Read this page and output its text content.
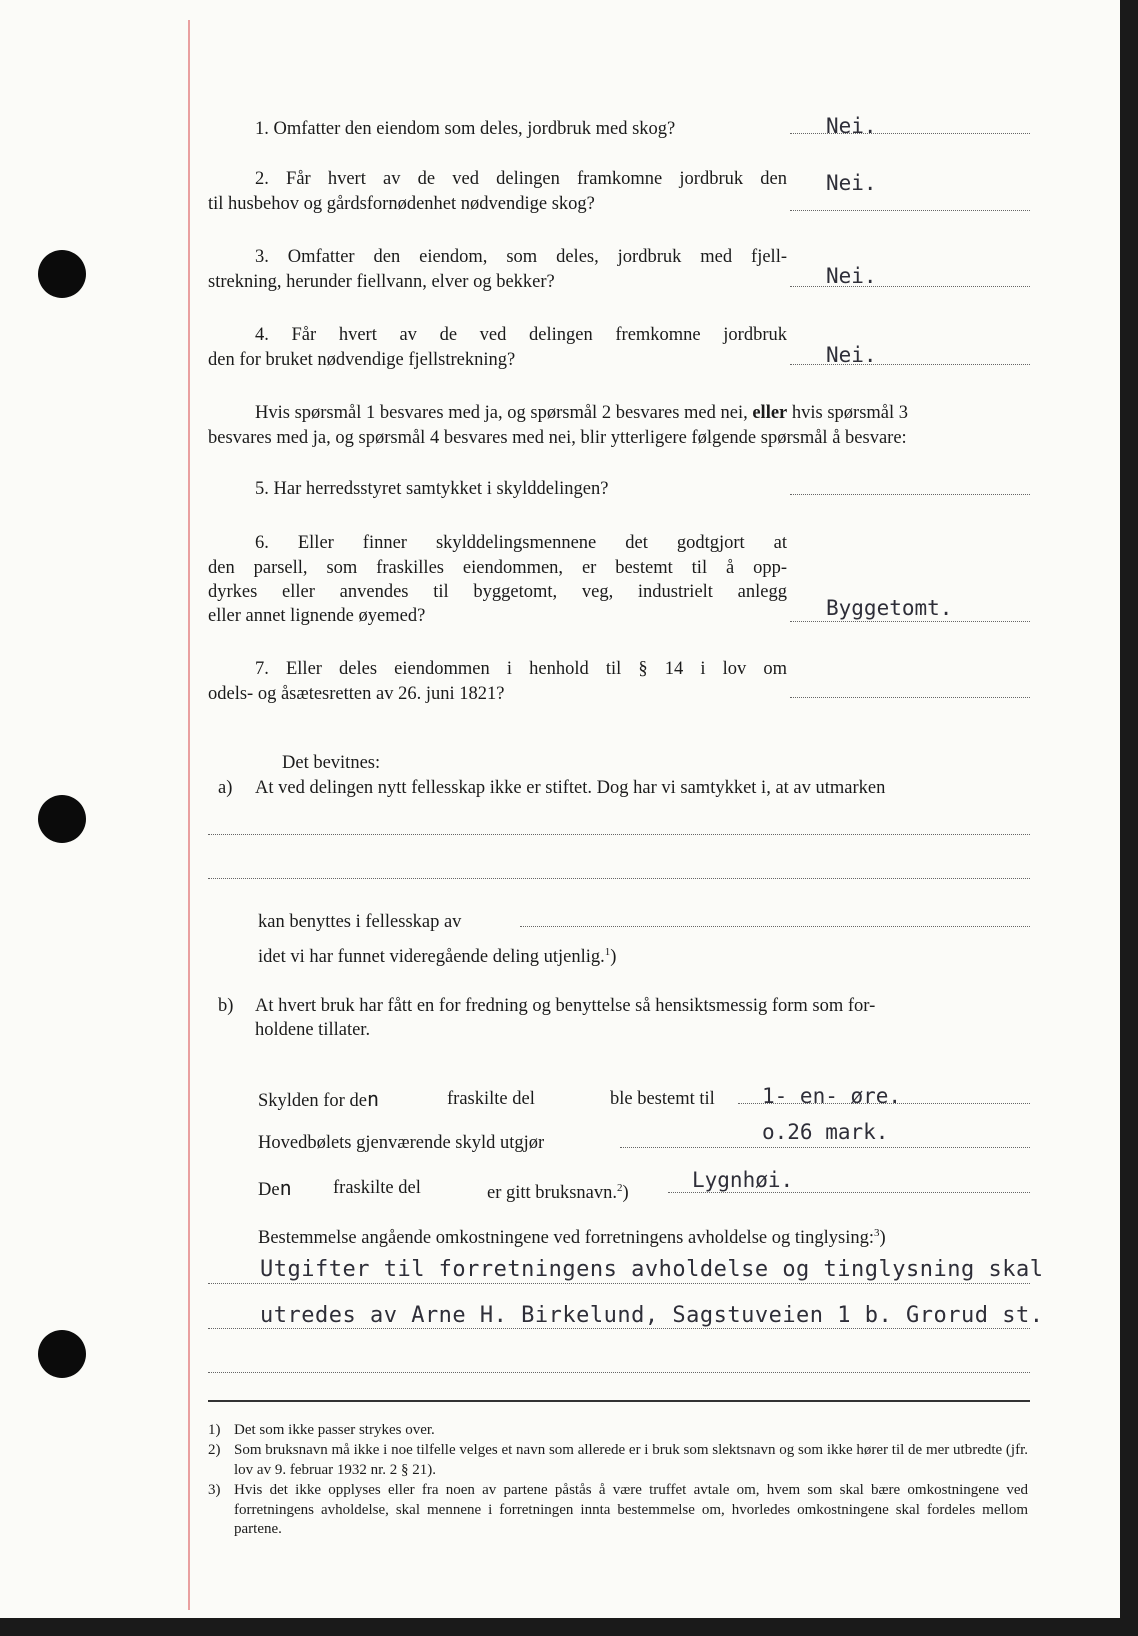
1. Omfatter den eiendom som deles, jordbruk med skog?	Nei.
2. Får hvert av de ved delingen framkomne jordbruk den
til husbehov og gårdsfornødenhet nødvendige skog?
Nei.
3. Omfatter den eiendom, som deles, jordbruk med fjell-
strekning, herunder fiellvann, elver og bekker?	Nei.
4. Får hvert av de ved delingen fremkomne jordbruk
den for bruket nødvendige fjellstrekning?	Nei.
Hvis spørsmål 1 besvares med ja, og spørsmål 2 besvares med nei, eller hvis spørsmål 3
besvares med ja, og spørsmål 4 besvares med nei, blir ytterligere følgende spørsmål å besvare:
5. Har herredsstyret samtykket i skylddelingen?
6. Eller finner skylddelingsmennene det godtgjort at
den parsell, som fraskilles eiendommen, er bestemt til å opp-
dyrkes eller anvendes til byggetomt, veg, industrielt anlegg
eller annet lignende øyemed?	Byggetomt.
7. Eller deles eiendommen i henhold til § 14 i lov om
odels- og åsætesretten av 26. juni 1821?
Det bevitnes:
a) At ved delingen nytt fellesskap ikke er stiftet. Dog har vi samtykket i, at av utmarken
kan benyttes i fellesskap av
idet vi har funnet videregående deling utjenlig.$^1$)
b) At hvert bruk har fått en for fredning og benyttelse så hensiktsmessig form som for-
holdene tillater.
Skylden for den	fraskilte del	ble bestemt til 1- en- øre.
Hovedbølets gjenværende skyld utgjør	o.26 mark.
Den fraskilte del	er gitt bruksnavn.$^2$)
Lygnhøi.
Bestemmelse angående omkostningene ved forretningens avholdelse og tinglysing:$^3$)
Utgifter til forretningens avholdelse og tinglysning skal
utredes av Arne H. Birkelund, Sagstuveien 1 b. Grorud st.
1) Det som ikke passer strykes over.
2) Som bruksnavn må ikke i noe tilfelle velges et navn som allerede er i bruk som slektsnavn og som ikke hører til de mer utbredte (jfr. lov av 9. februar 1932 nr. 2 § 21).
3) Hvis det ikke opplyses eller fra noen av partene påstås å være truffet avtale om, hvem som skal bære omkostningene ved forretningens avholdelse, skal mennene i forretningen innta bestemmelse om, hvorledes omkostningene skal fordeles mellom partene.
